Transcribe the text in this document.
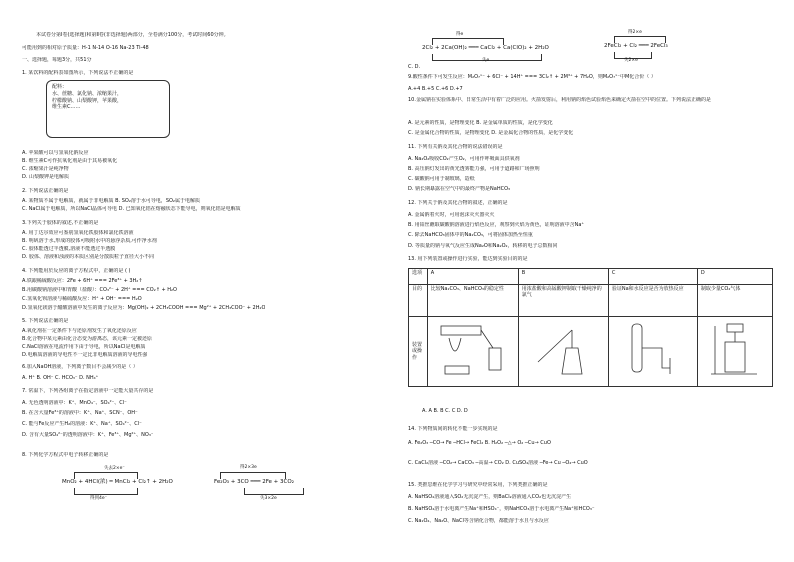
本试卷分第Ⅰ卷(选择题)和第Ⅱ卷(非选择题)两部分，全卷满分100分，考试时间60分钟。
可能用到的相对原子质量：H-1 N-14 O-16 Na-23 Ti-48
一、选择题，每题3分，共51分
1. 某饮料的配料表如图所示，下列说法不正确的是
配料：
水、蔗糖、氯化钠、浓缩果汁，
柠檬酸钠、山梨酸钾，苹果酸，
维生素C……
A. 苹果酸可以与氢氧化钠反应
B. 维生素C可作抗氧化剂是由于其易被氧化
C. 浓缩果汁是纯净物
D. 山梨酸钾是电解质
2. 下列说法正确的是
A. 某物质不属于电解质，就属于非电解质 B. SO₂溶于水可导电，SO₂属于电解质
C. NaCl属于电解质，所以NaCl晶体可导电 D. 已知氧化铝在熔融状态下能导电，则氧化铝是电解质
3.下列关于胶体的叙述,不正确的是
A. 用丁达尔效应可鉴别氢氧化铁胶体和氯化铁溶液
B. 明矾溶于水,形成的胶体可吸附水中的悬浮杂质,可作净水剂
C. 胶体能透过半透膜,溶液不能透过半透膜
D. 胶体、溶液和浊液的本质区别是分散质粒子直径大小不同
4. 下列能用於反应的离子方程式中，正确的是 ( )
A.铁跟稀硫酸反应：2Fe + 6H⁺ === 2Fe³⁺ + 3H₂↑
B.用碳酸钠溶液中和胃酸（盐酸）：CO₃²⁻ + 2H⁺ === CO₂↑ + H₂O
C.氢氧化钡溶液与稀硫酸反应：H⁺ + OH⁻ === H₂O
D.氢氧化镁溶于醋酸溶液中发生的离子反应为：Mg(OH)₂ + 2CH₃COOH === Mg²⁺ + 2CH₃COO⁻ + 2H₂O
5. 下列说法正确的是
A.氧化剂在一定条件下与还原剂发生了氧化还原反应
B.化合物中某元素由化合态变为游离态，该元素一定被还原
C.NaCl溶液在电流作用下由于导电，所以NaCl是电解质
D.电解质溶液的导电性不一定比非电解质溶液的导电性强
6.加入NaOH溶液，下列离子数目不会减少的是（ ）
A. H⁺ B. OH⁻ C. HCO₃⁻ D. NH₄⁺
7. 常温下，下列各组离子在指定溶液中一定能大量共存的是
A. 无色透明溶液中：K⁺、MnO₄⁻、SO₄²⁻、Cl⁻
B. 在含大量Fe³⁺的溶液中：K⁺、Na⁺、SCN⁻、OH⁻
C. 能与Fe反应产生H₂的溶液：K⁺、Na⁺、SO₄²⁻、Cl⁻
D. 含有大量SO₄²⁻的透明溶液中：K⁺、Fe³⁺、Mg²⁺、NO₃⁻
8. 下列化学方程式中电子转移正确的是
失去2×e⁻
MnO₂ + 4HCl(浓) ═ MnCl₂ + Cl₂↑ + 2H₂O
得到4e⁻
得2×3e
Fe₂O₃ + 3CO ═══ 2Fe + 3CO₂
失3×2e
得e
2Cl₂ + 2Ca(OH)₂ ═══ CaCl₂ + Ca(ClO)₂ + 2H₂O
失e
得2×e
2FeCl₂ + Cl₂ ═══ 2FeCl₃
失2×e
C. D.
9.酸性条件下可发生反应：M₂O₇ˣ⁻ + 6Cl⁻ + 14H⁺ === 3Cl₂↑ + 2M³⁺ + 7H₂O，则M₂O₇ˣ⁻中M化合价（ ）
A.+4 B.+5 C.+6 D.+7
10.金属钠在实验体系中、日常生活中有着广泛的应用。火箭发射后，利用钠的焰色试验焰色来确定火箭在空中的位置。下列说法正确的是
A. 是元素的性质，是物理变化 B. 是金属单质的性质，是化学变化
C. 是金属化合物的性质，是物理变化 D. 是金属化合物的性质，是化学变化
11. 下列有关钠及其化合物的说法错误的是
A. Na₂O₂吸收CO₂产生O₂，可用作呼吸面具供氧剂
B. 高压钠灯发出的黄光透雾能力强，可用于道路和广场照明
C. 碳酸钠可用于制玻璃，造纸
D. 钠长期暴露在空气中的最终产物是NaHCO₃
12. 下列关于钠及其化合物的叙述，正确的是
A. 金属钠着火时，可用泡沫灭火器灭火
B. 用铂丝蘸取碳酸钠溶液进行焰色反应，观察到火焰为黄色，证明溶液中含Na⁺
C. 除去NaHCO₃固体中的Na₂CO₃，可将固体加热至恒重
D. 等质量的钠与氧气反应生成Na₂O和Na₂O₂，转移的电子总数相同
13. 用下列装置或操作进行实验，能达到实验目的的是
选项	A	B	C	D
目的	比较Na₂CO₃、NaHCO₃的稳定性	用浓盐酸和高锰酸钾制取干燥纯净的氯气	验证Na和水反应是否为放热反应	制取少量CO₂气体
装置或操作				
A. A B. B C. C D. D
14. 下列物质间的转化不能一步实现的是
A. Fe₂O₃ ─CO→ Fe ─HCl→ FeCl₂ B. H₂O₂ ─△→ O₂ ─Cu→ CuO
C. CaCl₂溶液 ─CO₂→ CaCO₃ ─高温→ CO₂ D. CuSO₄溶液 ─Fe→ Cu ─O₂→ CuO
15. 类推思维在化学学习与研究中经常采用，下列类推正确的是
A. NaHSO₄溶液通入SO₂无沉淀产生，则BaCl₂溶液通入CO₂也无沉淀产生
B. NaHSO₄溶于水电离产生Na⁺和HSO₄⁻，则NaHCO₃溶于水电离产生Na⁺和HCO₃⁻
C. Na₂O₂、Na₂O、NaCl等含钠化合物，都能溶于水且与水反应
